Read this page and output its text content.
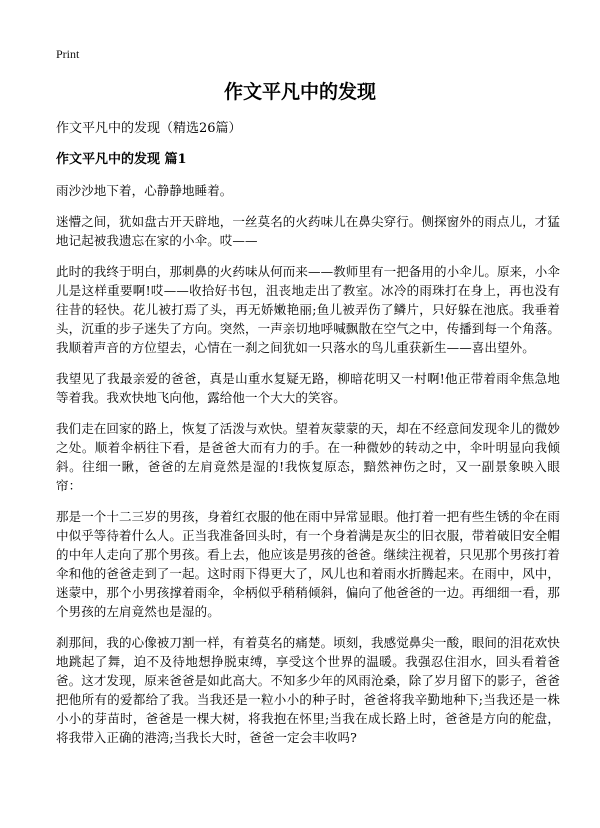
Print
作文平凡中的发现

作文平凡中的发现（精选26篇）

作文平凡中的发现 篇1

雨沙沙地下着，心静静地睡着。

迷懵之间，犹如盘古开天辟地，一丝莫名的火药味儿在鼻尖穿行。侧探窗外的雨点儿，才猛地记起被我遗忘在家的小伞。哎——

此时的我终于明白，那刺鼻的火药味从何而来——教师里有一把备用的小伞儿。原来，小伞儿是这样重要啊!哎——收拾好书包，沮丧地走出了教室。冰冷的雨珠打在身上，再也没有往昔的轻快。花儿被打焉了头，再无娇嫩艳丽;鱼儿被弄伤了鳞片，只好躲在池底。我垂着头，沉重的步子迷失了方向。突然，一声亲切地呼喊飘散在空气之中，传播到每一个角落。我顺着声音的方位望去，心情在一刹之间犹如一只落水的鸟儿重获新生——喜出望外。

我望见了我最亲爱的爸爸，真是山重水复疑无路，柳暗花明又一村啊!他正带着雨伞焦急地等着我。我欢快地飞向他，露给他一个大大的笑容。

我们走在回家的路上，恢复了活泼与欢快。望着灰蒙蒙的天，却在不经意间发现伞儿的微妙之处。顺着伞柄往下看，是爸爸大而有力的手。在一种微妙的转动之中，伞叶明显向我倾斜。往细一瞅，爸爸的左肩竟然是湿的!我恢复原态，黯然神伤之时，又一副景象映入眼帘：

那是一个十二三岁的男孩，身着红衣服的他在雨中异常显眼。他打着一把有些生锈的伞在雨中似乎等待着什么人。正当我准备回头时，有一个身着满是灰尘的旧衣服，带着破旧安全帽的中年人走向了那个男孩。看上去，他应该是男孩的爸爸。继续注视着，只见那个男孩打着伞和他的爸爸走到了一起。这时雨下得更大了，风儿也和着雨水折腾起来。在雨中，风中，迷蒙中，那个小男孩撑着雨伞，伞柄似乎稍稍倾斜，偏向了他爸爸的一边。再细细一看，那个男孩的左肩竟然也是湿的。

刹那间，我的心像被刀割一样，有着莫名的痛楚。顷刻，我感觉鼻尖一酸，眼间的泪花欢快地跳起了舞，迫不及待地想挣脱束缚，享受这个世界的温暖。我强忍住泪水，回头看着爸爸。这才发现，原来爸爸是如此高大。不知多少年的风雨沧桑，除了岁月留下的影子，爸爸把他所有的爱都给了我。当我还是一粒小小的种子时，爸爸将我辛勤地种下;当我还是一株小小的芽苗时，爸爸是一棵大树，将我抱在怀里;当我在成长路上时，爸爸是方向的舵盘，将我带入正确的港湾;当我长大时，爸爸一定会丰收吗?
